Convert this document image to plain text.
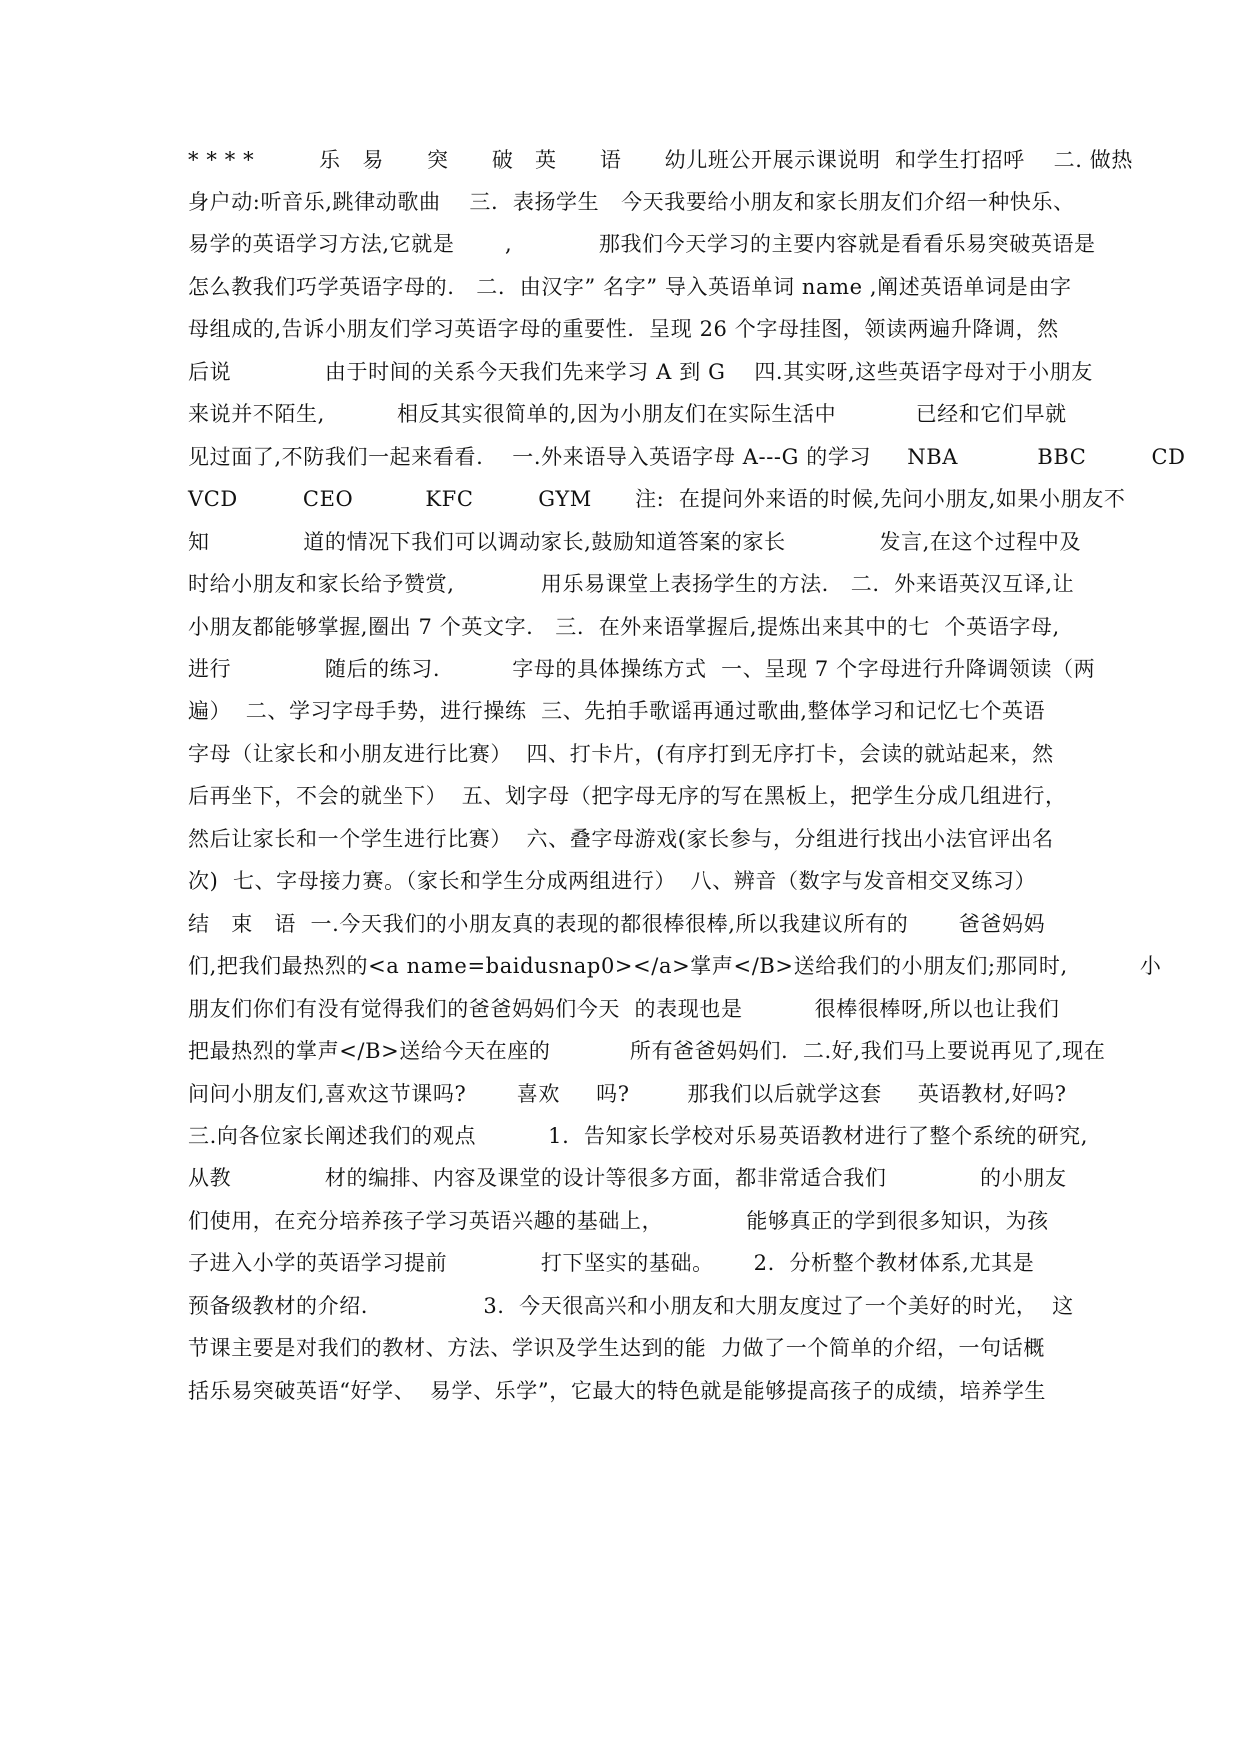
* * * *　　　乐　易　　突　　破　英　　语　　幼儿班公开展示课说明  和学生打招呼　 二. 做热
身户动:听音乐,跳律动歌曲　 三.  表扬学生   今天我要给小朋友和家长朋友们介绍一种快乐、
易学的英语学习方法,它就是　　 ,　　　   那我们今天学习的主要内容就是看看乐易突破英语是
怎么教我们巧学英语字母的.   二.  由汉字” 名字” 导入英语单词 name ,阐述英语单词是由字
母组成的,告诉小朋友们学习英语字母的重要性.  呈现 26 个字母挂图，领读两遍升降调，然
后说　　　　 由于时间的关系今天我们先来学习 A 到 G　 四.其实呀,这些英语字母对于小朋友
来说并不陌生,　　　 相反其实很简单的,因为小朋友们在实际生活中　　　  已经和它们早就
见过面了,不防我们一起来看看.　 一.外来语导入英语字母 A---G 的学习　  NBA　　　  BBC　　   CD
VCD　　   CEO　　　 KFC　　　GYM　　注:  在提问外来语的时候,先问小朋友,如果小朋友不
知　　　　 道的情况下我们可以调动家长,鼓励知道答案的家长　　　　 发言,在这个过程中及
时给小朋友和家长给予赞赏,　　　　用乐易课堂上表扬学生的方法.   二.  外来语英汉互译,让
小朋友都能够掌握,圈出 7 个英文字.   三.  在外来语掌握后,提炼出来其中的七  个英语字母,
进行　　　　 随后的练习.　　　 字母的具体操练方式  一、呈现 7 个字母进行升降调领读（两
遍）  二、学习字母手势，进行操练  三、先拍手歌谣再通过歌曲,整体学习和记忆七个英语
字母（让家长和小朋友进行比赛）  四、打卡片，(有序打到无序打卡，会读的就站起来，然
后再坐下，不会的就坐下）  五、划字母（把字母无序的写在黑板上，把学生分成几组进行，
然后让家长和一个学生进行比赛）  六、叠字母游戏(家长参与，分组进行找出小法官评出名
次)  七、字母接力赛。（家长和学生分成两组进行）  八、辨音（数字与发音相交叉练习）
结　束　语  一.今天我们的小朋友真的表现的都很棒很棒,所以我建议所有的　　 爸爸妈妈
们,把我们最热烈的<a name=baidusnap0></a>掌声</B>送给我们的小朋友们;那同时,　　　 小
朋友们你们有没有觉得我们的爸爸妈妈们今天  的表现也是　　　 很棒很棒呀,所以也让我们
把最热烈的掌声</B>送给今天在座的　　　  所有爸爸妈妈们.  二.好,我们马上要说再见了,现在
问问小朋友们,喜欢这节课吗?　　 喜欢　  吗?　　  那我们以后就学这套　  英语教材,好吗?
三.向各位家长阐述我们的观点　　　 1.  告知家长学校对乐易英语教材进行了整个系统的研究,
从教　　　　 材的编排、内容及课堂的设计等很多方面，都非常适合我们　　　　 的小朋友
们使用，在充分培养孩子学习英语兴趣的基础上，　　　　 能够真正的学到很多知识，为孩
子进入小学的英语学习提前　　　　 打下坚实的基础。　　 2.  分析整个教材体系,尤其是
预备级教材的介绍.　　　　　 3.  今天很高兴和小朋友和大朋友度过了一个美好的时光，  这
节课主要是对我们的教材、方法、学识及学生达到的能  力做了一个简单的介绍，一句话概
括乐易突破英语“好学、  易学、乐学”，它最大的特色就是能够提高孩子的成绩，培养学生
